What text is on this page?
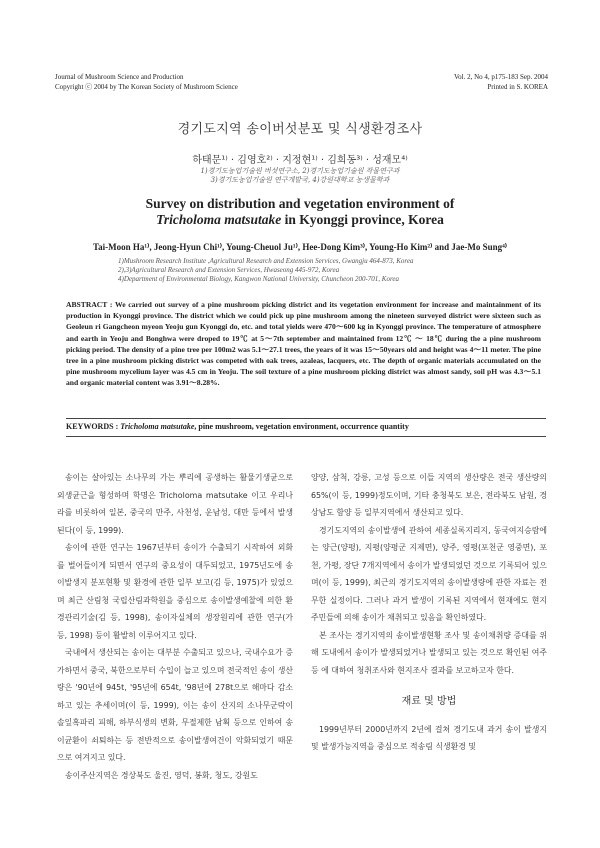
Journal of Mushroom Science and Production
Copyright ⓒ 2004 by The Korean Society of Mushroom Science
Vol. 2, No 4, p175-183 Sep. 2004
Printed in S. KOREA
경기도지역 송이버섯분포 및 식생환경조사
하태문¹⁾ · 김영호²⁾ · 지정현¹⁾ · 김희동³⁾ · 성재모⁴⁾
1)경기도농업기술원 버섯연구소, 2)경기도농업기술원 작물연구과
3)경기도농업기술원 연구개발국, 4)강원대학교 농생물학과
Survey on distribution and vegetation environment of
Tricholoma matsutake in Kyonggi province, Korea
Tai-Moon Ha¹⁾, Jeong-Hyun Chi¹⁾, Young-Cheuol Ju¹⁾, Hee-Dong Kim³⁾, Young-Ho Kim²⁾ and Jae-Mo Sung⁴⁾
1)Mushroom Research Institute ,Agricultural Research and Extension Services, Gwangju 464-873, Korea
2),3)Agricultural Research and Extension Services, Hwaseong 445-972, Korea
4)Department of Environmental Biology, Kangwon National University, Chuncheon 200-701, Korea
ABSTRACT : We carried out survey of a pine mushroom picking district and its vegetation environment for increase and maintainment of its production in Kyonggi province. The district which we could pick up pine mushroom among the nineteen surveyed district were sixteen such as Geoleun ri Gangcheon myeon Yeoju gun Kyonggi do, etc. and total yields were 470～600 kg in Kyonggi province. The temperature of atmosphere and earth in Yeoju and Bonghwa were droped to 19℃ at 5～7th september and maintained from 12℃ ～ 18℃ during the a pine mushroom picking period. The density of a pine tree per 100m2 was 5.1～27.1 trees, the years of it was 15～50years old and height was 4～11 meter. The pine tree in a pine mushroom picking district was competed with oak trees, azaleas, lacquers, etc. The depth of organic materials accumulated on the pine mushroom mycelium layer was 4.5 cm in Yeoju. The soil texture of a pine mushroom picking district was almost sandy, soil pH was 4.3～5.1 and organic material content was 3.91～8.28%.
KEYWORDS : Tricholoma matsutake, pine mushroom, vegetation environment, occurrence quantity

송이는 살아있는 소나무의 가는 뿌리에 공생하는 활물기생균으로 외생균근을 형성하며 학명은 Tricholoma matsutake 이고 우리나라를 비롯하여 일본, 중국의 만주, 사천성, 운남성, 대만 등에서 발생된다(이 등, 1999).

송이에 관한 연구는 1967년부터 송이가 수출되기 시작하여 외화를 벌어들이게 되면서 연구의 중요성이 대두되었고, 1975년도에 송이발생지 분포현황 및 환경에 관한 일부 보고(김 등, 1975)가 있었으며 최근 산림청 국립산림과학원을 중심으로 송이발생예찰에 의한 환경관리기술(김 등, 1998), 송이자실체의 생장원리에 관한 연구(가 등, 1998) 등이 활발히 이루어지고 있다.

국내에서 생산되는 송이는 대부분 수출되고 있으나, 국내수요가 증가하면서 중국, 북한으로부터 수입이 늘고 있으며 전국적인 송이 생산량은 '90년에 945t, '95년에 654t, '98년에 278t으로 해마다 감소하고 있는 추세이며(이 등, 1999), 이는 송이 산지의 소나무군락이 솔잎혹파리 피해, 하부식생의 변화, 무절제한 남획 등으로 인하여 송이균환이 쇠퇴하는 등 전반적으로 송이발생여건이 악화되었기 때문으로 여겨지고 있다.

송이주산지역은 경상북도 울진, 영덕, 봉화, 청도, 강원도

양양, 삼척, 강릉, 고성 등으로 이들 지역의 생산량은 전국 생산량의 65%(이 등, 1999)정도이며, 기타 충청북도 보은, 전라북도 남원, 경상남도 함양 등 일부지역에서 생산되고 있다.

경기도지역의 송이발생에 관하여 세종실록지리지, 동국여지승람에는 양근(양평), 지평(양평군 지제면), 양주, 영평(포천군 영중면), 포천, 가평, 장단 7개지역에서 송이가 발생되었던 것으로 기록되어 있으며(이 등, 1999), 최근의 경기도지역의 송이발생량에 관한 자료는 전무한 실정이다. 그러나 과거 발생이 기록된 지역에서 현재에도 현지 주민들에 의해 송이가 채취되고 있음을 확인하였다.

본 조사는 경기지역의 송이발생현황 조사 및 송이채취량 증대를 위해 도내에서 송이가 발생되었거나 발생되고 있는 것으로 확인된 여주 등 에 대하여 청취조사와 현지조사 결과를 보고하고자 한다.

재료 및 방법

1999년부터 2000년까지 2년에 걸쳐 경기도내 과거 송이 발생지 및 발생가능지역을 중심으로 적송림 식생환경 및
